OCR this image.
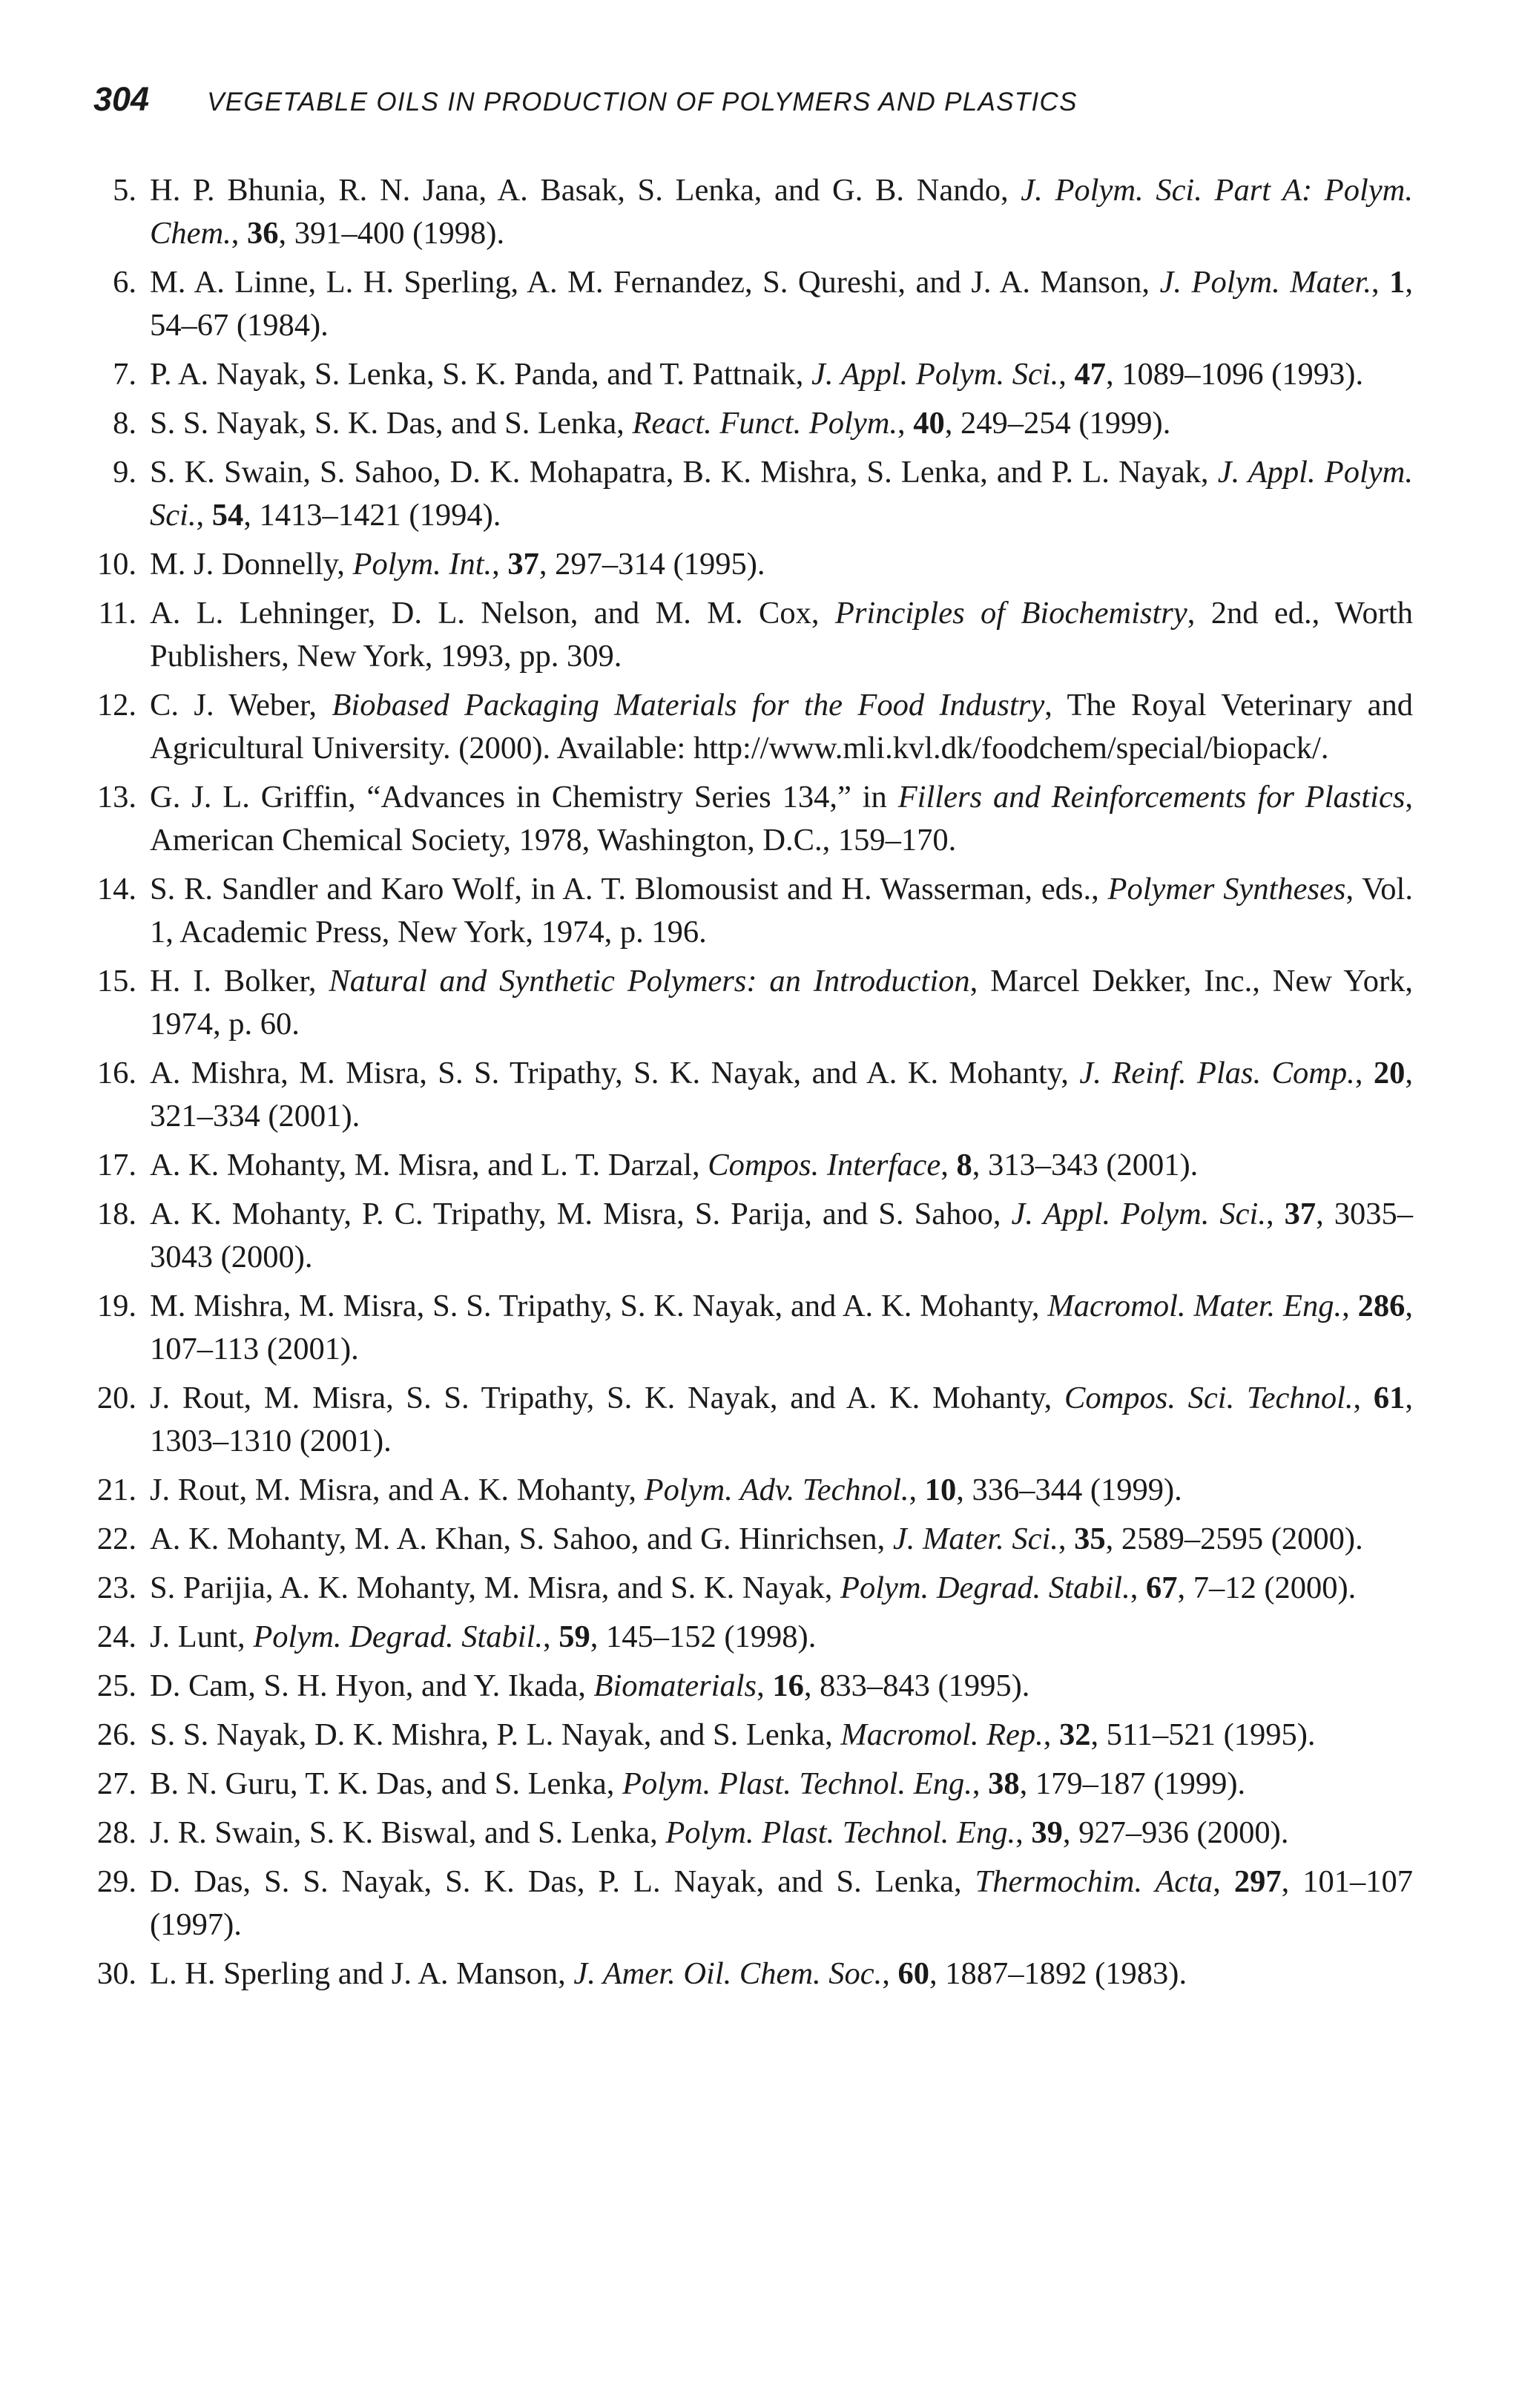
304 VEGETABLE OILS IN PRODUCTION OF POLYMERS AND PLASTICS
5. H. P. Bhunia, R. N. Jana, A. Basak, S. Lenka, and G. B. Nando, J. Polym. Sci. Part A: Polym. Chem., 36, 391–400 (1998).
6. M. A. Linne, L. H. Sperling, A. M. Fernandez, S. Qureshi, and J. A. Manson, J. Polym. Mater., 1, 54–67 (1984).
7. P. A. Nayak, S. Lenka, S. K. Panda, and T. Pattnaik, J. Appl. Polym. Sci., 47, 1089–1096 (1993).
8. S. S. Nayak, S. K. Das, and S. Lenka, React. Funct. Polym., 40, 249–254 (1999).
9. S. K. Swain, S. Sahoo, D. K. Mohapatra, B. K. Mishra, S. Lenka, and P. L. Nayak, J. Appl. Polym. Sci., 54, 1413–1421 (1994).
10. M. J. Donnelly, Polym. Int., 37, 297–314 (1995).
11. A. L. Lehninger, D. L. Nelson, and M. M. Cox, Principles of Biochemistry, 2nd ed., Worth Publishers, New York, 1993, pp. 309.
12. C. J. Weber, Biobased Packaging Materials for the Food Industry, The Royal Veterinary and Agricultural University. (2000). Available: http://www.mli.kvl.dk/foodchem/special/biopack/.
13. G. J. L. Griffin, “Advances in Chemistry Series 134,” in Fillers and Reinforcements for Plastics, American Chemical Society, 1978, Washington, D.C., 159–170.
14. S. R. Sandler and Karo Wolf, in A. T. Blomousist and H. Wasserman, eds., Polymer Syntheses, Vol. 1, Academic Press, New York, 1974, p. 196.
15. H. I. Bolker, Natural and Synthetic Polymers: an Introduction, Marcel Dekker, Inc., New York, 1974, p. 60.
16. A. Mishra, M. Misra, S. S. Tripathy, S. K. Nayak, and A. K. Mohanty, J. Reinf. Plas. Comp., 20, 321–334 (2001).
17. A. K. Mohanty, M. Misra, and L. T. Darzal, Compos. Interface, 8, 313–343 (2001).
18. A. K. Mohanty, P. C. Tripathy, M. Misra, S. Parija, and S. Sahoo, J. Appl. Polym. Sci., 37, 3035–3043 (2000).
19. M. Mishra, M. Misra, S. S. Tripathy, S. K. Nayak, and A. K. Mohanty, Macromol. Mater. Eng., 286, 107–113 (2001).
20. J. Rout, M. Misra, S. S. Tripathy, S. K. Nayak, and A. K. Mohanty, Compos. Sci. Technol., 61, 1303–1310 (2001).
21. J. Rout, M. Misra, and A. K. Mohanty, Polym. Adv. Technol., 10, 336–344 (1999).
22. A. K. Mohanty, M. A. Khan, S. Sahoo, and G. Hinrichsen, J. Mater. Sci., 35, 2589–2595 (2000).
23. S. Parijia, A. K. Mohanty, M. Misra, and S. K. Nayak, Polym. Degrad. Stabil., 67, 7–12 (2000).
24. J. Lunt, Polym. Degrad. Stabil., 59, 145–152 (1998).
25. D. Cam, S. H. Hyon, and Y. Ikada, Biomaterials, 16, 833–843 (1995).
26. S. S. Nayak, D. K. Mishra, P. L. Nayak, and S. Lenka, Macromol. Rep., 32, 511–521 (1995).
27. B. N. Guru, T. K. Das, and S. Lenka, Polym. Plast. Technol. Eng., 38, 179–187 (1999).
28. J. R. Swain, S. K. Biswal, and S. Lenka, Polym. Plast. Technol. Eng., 39, 927–936 (2000).
29. D. Das, S. S. Nayak, S. K. Das, P. L. Nayak, and S. Lenka, Thermochim. Acta, 297, 101–107 (1997).
30. L. H. Sperling and J. A. Manson, J. Amer. Oil. Chem. Soc., 60, 1887–1892 (1983).
